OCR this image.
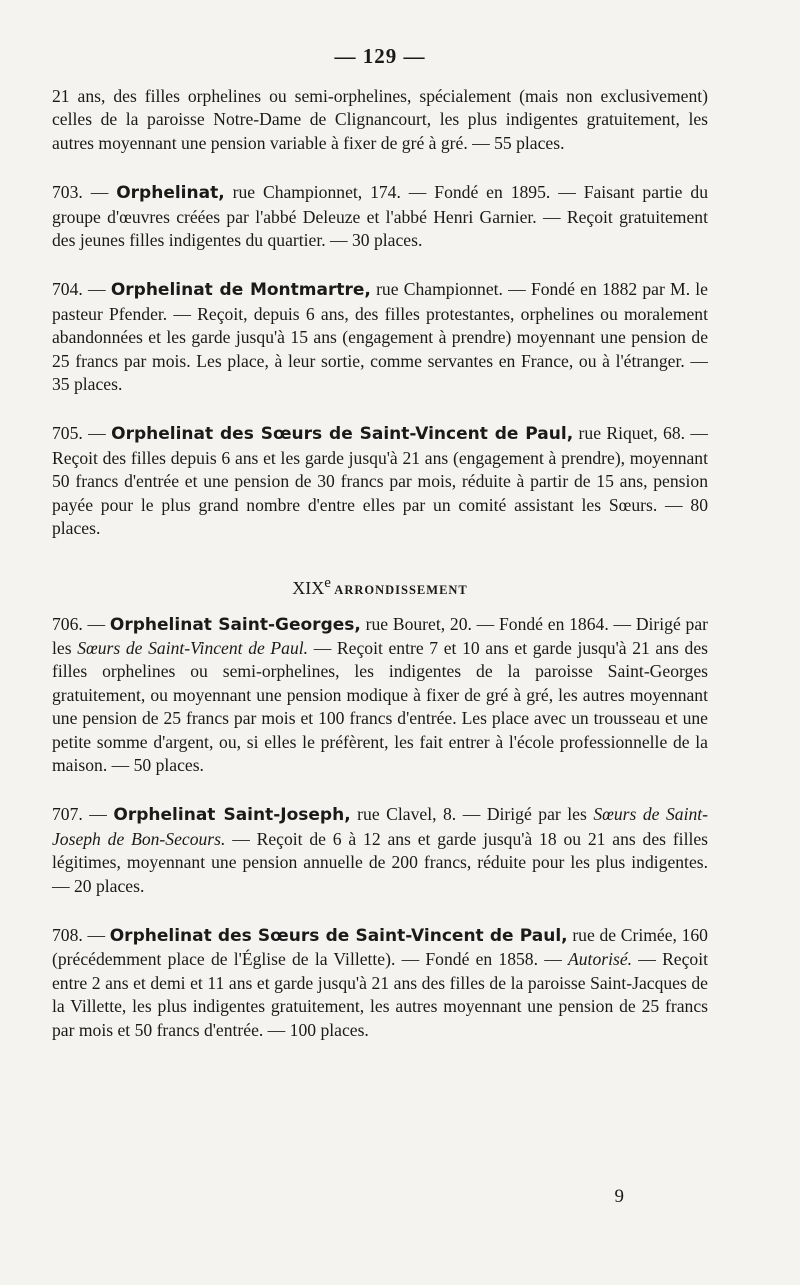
— 129 —

21 ans, des filles orphelines ou semi-orphelines, spécialement (mais non exclusivement) celles de la paroisse Notre-Dame de Clignancourt, les plus indigentes gratuitement, les autres moyennant une pension variable à fixer de gré à gré. — 55 places.

703. — Orphelinat, rue Championnet, 174. — Fondé en 1895. — Faisant partie du groupe d'œuvres créées par l'abbé Deleuze et l'abbé Henri Garnier. — Reçoit gratuitement des jeunes filles indigentes du quartier. — 30 places.

704. — Orphelinat de Montmartre, rue Championnet. — Fondé en 1882 par M. le pasteur Pfender. — Reçoit, depuis 6 ans, des filles protestantes, orphelines ou moralement abandonnées et les garde jusqu'à 15 ans (engagement à prendre) moyennant une pension de 25 francs par mois. Les place, à leur sortie, comme servantes en France, ou à l'étranger. — 35 places.

705. — Orphelinat des Sœurs de Saint-Vincent de Paul, rue Riquet, 68. — Reçoit des filles depuis 6 ans et les garde jusqu'à 21 ans (engagement à prendre), moyennant 50 francs d'entrée et une pension de 30 francs par mois, réduite à partir de 15 ans, pension payée pour le plus grand nombre d'entre elles par un comité assistant les Sœurs. — 80 places.

XIXe ARRONDISSEMENT

706. — Orphelinat Saint-Georges, rue Bouret, 20. — Fondé en 1864. — Dirigé par les Sœurs de Saint-Vincent de Paul. — Reçoit entre 7 et 10 ans et garde jusqu'à 21 ans des filles orphelines ou semi-orphelines, les indigentes de la paroisse Saint-Georges gratuitement, ou moyennant une pension modique à fixer de gré à gré, les autres moyennant une pension de 25 francs par mois et 100 francs d'entrée. Les place avec un trousseau et une petite somme d'argent, ou, si elles le préfèrent, les fait entrer à l'école professionnelle de la maison. — 50 places.

707. — Orphelinat Saint-Joseph, rue Clavel, 8. — Dirigé par les Sœurs de Saint-Joseph de Bon-Secours. — Reçoit de 6 à 12 ans et garde jusqu'à 18 ou 21 ans des filles légitimes, moyennant une pension annuelle de 200 francs, réduite pour les plus indigentes. — 20 places.

708. — Orphelinat des Sœurs de Saint-Vincent de Paul, rue de Crimée, 160 (précédemment place de l'Église de la Villette). — Fondé en 1858. — Autorisé. — Reçoit entre 2 ans et demi et 11 ans et garde jusqu'à 21 ans des filles de la paroisse Saint-Jacques de la Villette, les plus indigentes gratuitement, les autres moyennant une pension de 25 francs par mois et 50 francs d'entrée. — 100 places.

9
